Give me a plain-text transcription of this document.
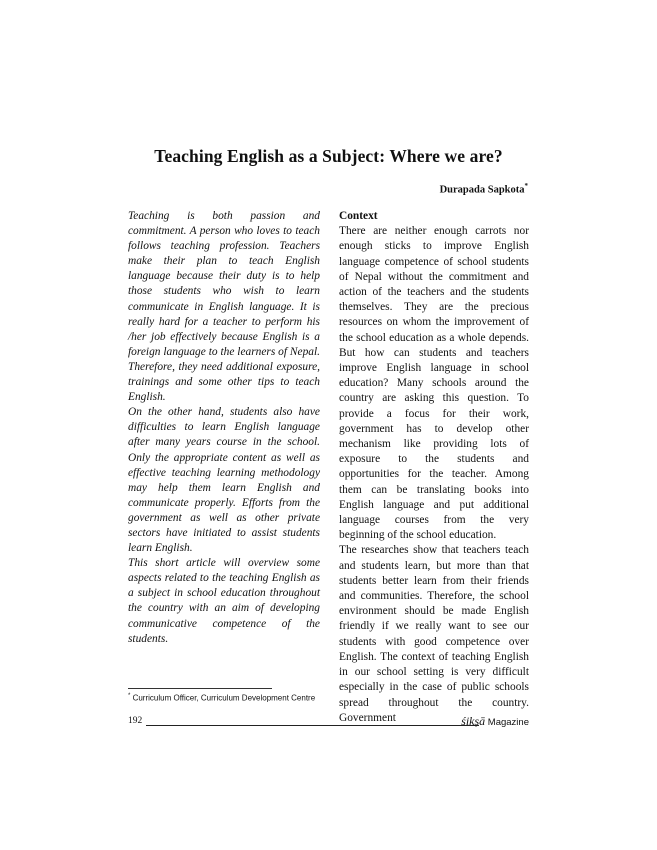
Teaching English as a Subject: Where we are?
Durapada Sapkota*

Teaching is both passion and commitment. A person who loves to teach follows teaching profession. Teachers make their plan to teach English language because their duty is to help those students who wish to learn communicate in English language. It is really hard for a teacher to perform his /her job effectively because English is a foreign language to the learners of Nepal. Therefore, they need additional exposure, trainings and some other tips to teach English.

On the other hand, students also have difficulties to learn English language after many years course in the school. Only the appropriate content as well as effective teaching learning methodology may help them learn English and communicate properly. Efforts from the government as well as other private sectors have initiated to assist students learn English.

This short article will overview some aspects related to the teaching English as a subject in school education throughout the country with an aim of developing communicative competence of the students.

Context

There are neither enough carrots nor enough sticks to improve English language competence of school students of Nepal without the commitment and action of the teachers and the students themselves. They are the precious resources on whom the improvement of the school education as a whole depends. But how can students and teachers improve English language in school education? Many schools around the country are asking this question. To provide a focus for their work, government has to develop other mechanism like providing lots of exposure to the students and opportunities for the teacher. Among them can be translating books into English language and put additional language courses from the very beginning of the school education.

The researches show that teachers teach and students learn, but more than that students better learn from their friends and communities. Therefore, the school environment should be made English friendly if we really want to see our students with good competence over English. The context of teaching English in our school setting is very difficult especially in the case of public schools spread throughout the country. Government

* Curriculum Officer, Curriculum Development Centre
192	śikṣā Magazine
